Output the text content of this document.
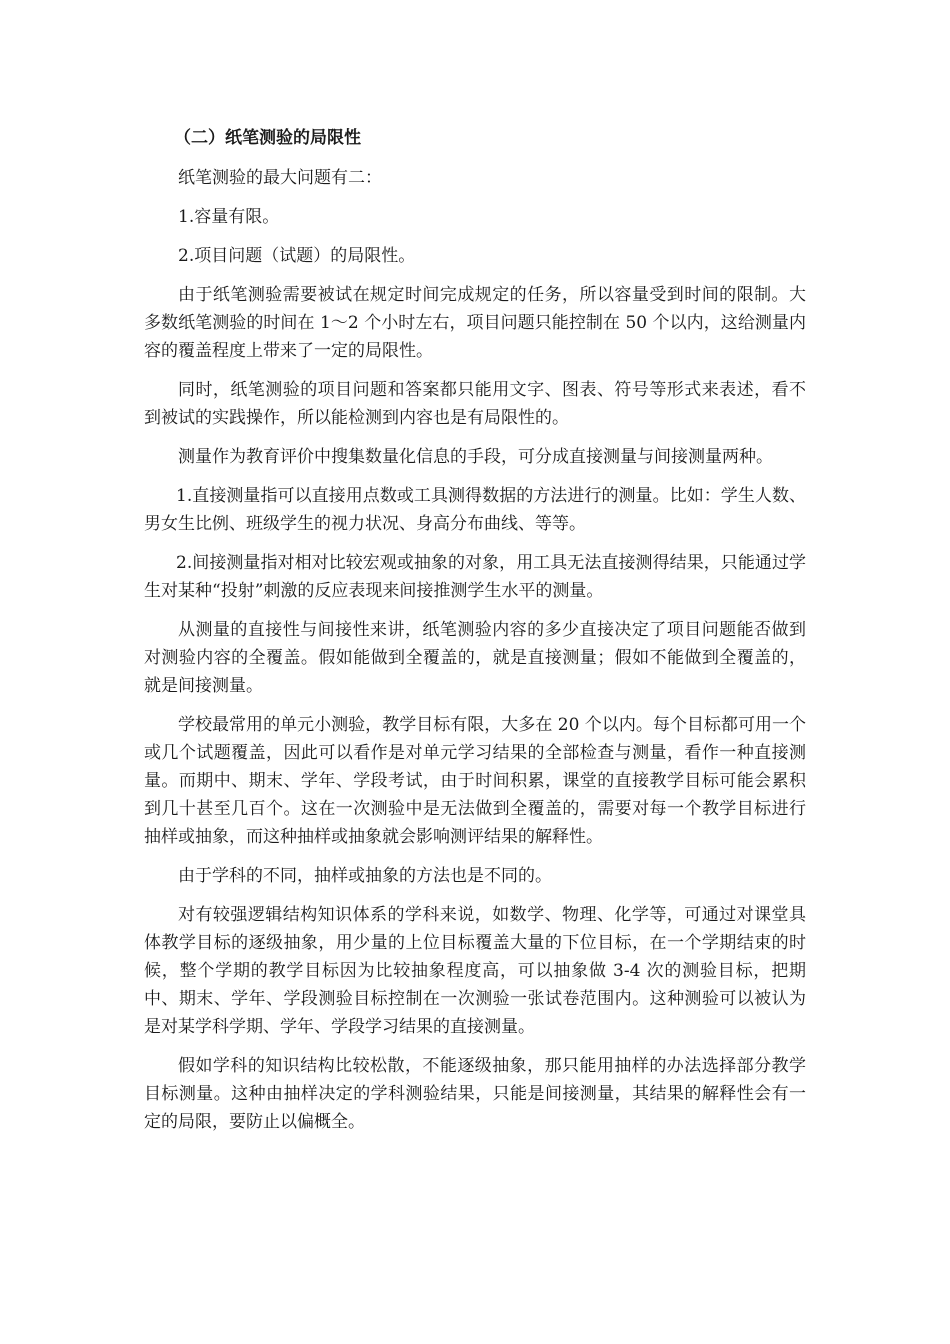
（二）纸笔测验的局限性

纸笔测验的最大问题有二：

1.容量有限。

2.项目问题（试题）的局限性。

由于纸笔测验需要被试在规定时间完成规定的任务，所以容量受到时间的限制。大多数纸笔测验的时间在 1～2 个小时左右，项目问题只能控制在 50 个以内，这给测量内容的覆盖程度上带来了一定的局限性。

同时，纸笔测验的项目问题和答案都只能用文字、图表、符号等形式来表述，看不到被试的实践操作，所以能检测到内容也是有局限性的。

测量作为教育评价中搜集数量化信息的手段，可分成直接测量与间接测量两种。

1.直接测量指可以直接用点数或工具测得数据的方法进行的测量。比如：学生人数、男女生比例、班级学生的视力状况、身高分布曲线、等等。

2.间接测量指对相对比较宏观或抽象的对象，用工具无法直接测得结果，只能通过学生对某种“投射”刺激的反应表现来间接推测学生水平的测量。

从测量的直接性与间接性来讲，纸笔测验内容的多少直接决定了项目问题能否做到对测验内容的全覆盖。假如能做到全覆盖的，就是直接测量；假如不能做到全覆盖的，就是间接测量。

学校最常用的单元小测验，教学目标有限，大多在 20 个以内。每个目标都可用一个或几个试题覆盖，因此可以看作是对单元学习结果的全部检查与测量，看作一种直接测量。而期中、期末、学年、学段考试，由于时间积累，课堂的直接教学目标可能会累积到几十甚至几百个。这在一次测验中是无法做到全覆盖的，需要对每一个教学目标进行抽样或抽象，而这种抽样或抽象就会影响测评结果的解释性。

由于学科的不同，抽样或抽象的方法也是不同的。

对有较强逻辑结构知识体系的学科来说，如数学、物理、化学等，可通过对课堂具体教学目标的逐级抽象，用少量的上位目标覆盖大量的下位目标，在一个学期结束的时候，整个学期的教学目标因为比较抽象程度高，可以抽象做 3-4 次的测验目标，把期中、期末、学年、学段测验目标控制在一次测验一张试卷范围内。这种测验可以被认为是对某学科学期、学年、学段学习结果的直接测量。

假如学科的知识结构比较松散，不能逐级抽象，那只能用抽样的办法选择部分教学目标测量。这种由抽样决定的学科测验结果，只能是间接测量，其结果的解释性会有一定的局限，要防止以偏概全。
